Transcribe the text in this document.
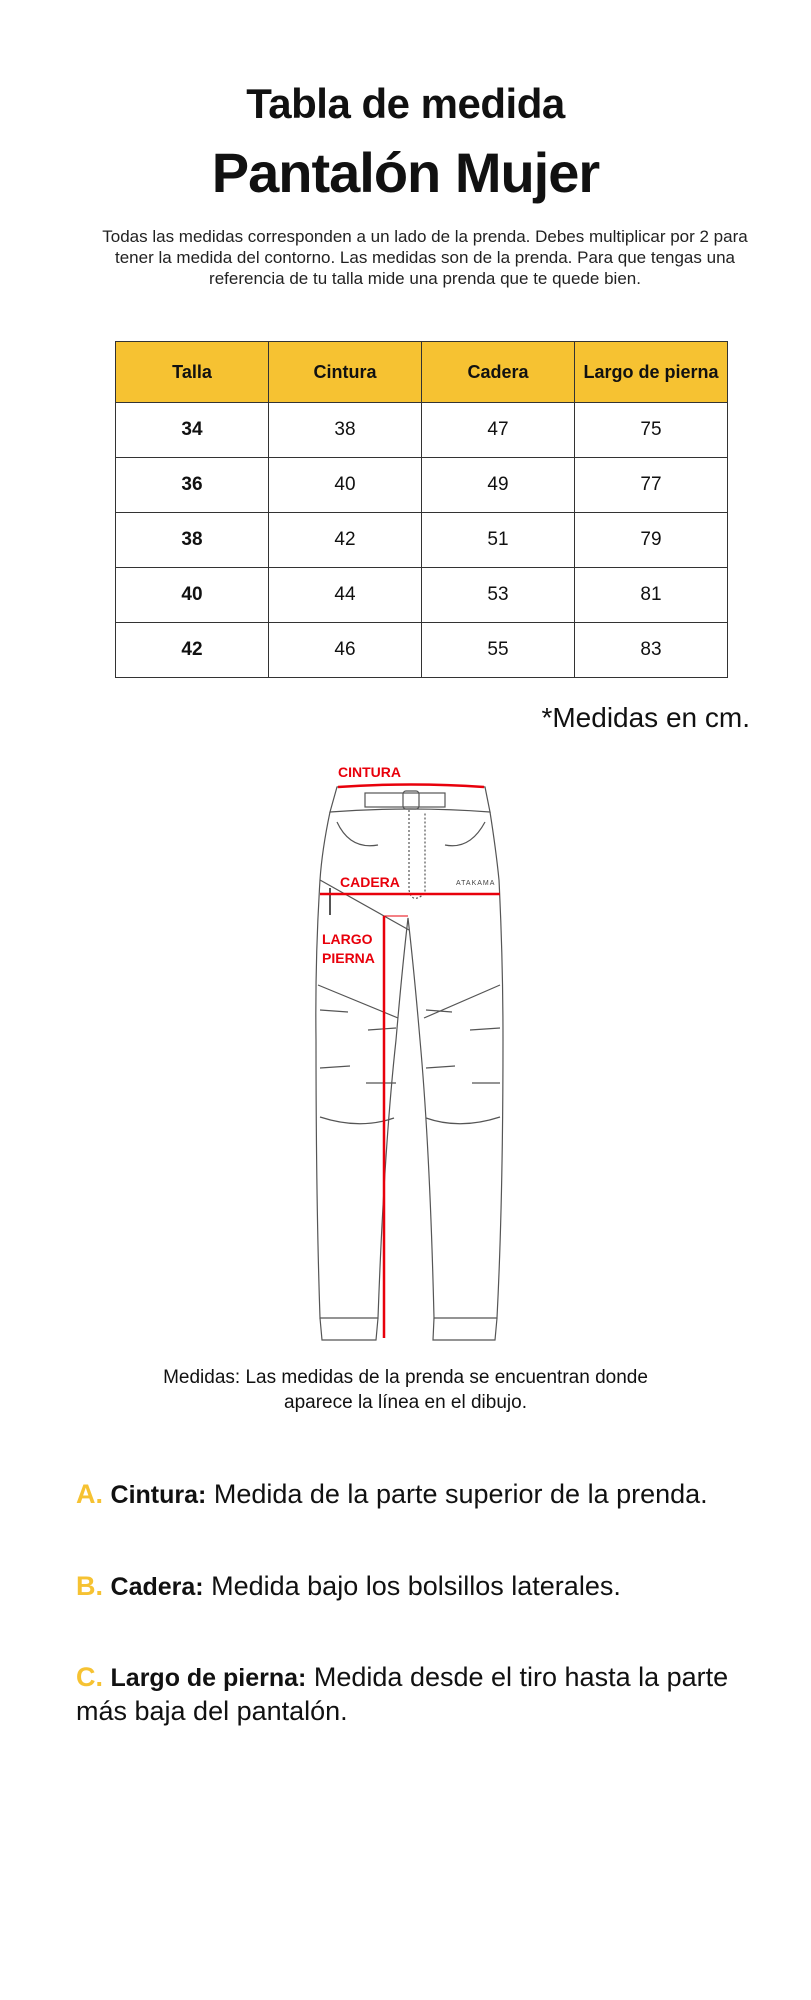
Tabla de medida
Pantalón Mujer
Todas las medidas corresponden a un lado de la prenda. Debes multiplicar por 2 para tener la medida del contorno. Las medidas son de la prenda. Para que tengas una referencia de tu talla mide una prenda que te quede bien.
Talla	Cintura	Cadera	Largo de pierna
34	38	47	75
36	40	49	77
38	42	51	79
40	44	53	81
42	46	55	83
*Medidas en cm.
CINTURA
CADERA
LARGO
PIERNA
ATAKAMA
Medidas: Las medidas de la prenda se encuentran donde aparece la línea en el dibujo.
A. Cintura: Medida de la parte superior de la prenda.
B. Cadera: Medida bajo los bolsillos laterales.
C. Largo de pierna: Medida desde el tiro hasta la parte más baja del pantalón.
